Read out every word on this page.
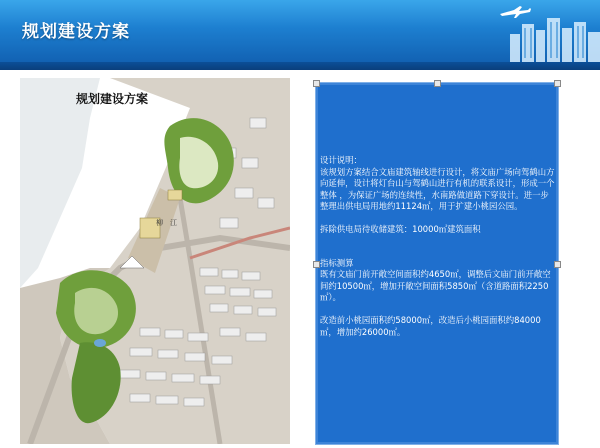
规划建设方案
规划建设方案
柳　江

设计说明：

该规划方案结合文庙建筑轴线进行设计，将文庙广场向驾鹤山方向延伸，设计将灯台山与驾鹤山进行有机的联系设计，形成一个整体 ，为保证广场的连续性，水南路做道路下穿设计。进一步整理出供电局用地约11124㎡，用于扩建小桃园公园。

拆除供电局待收储建筑：10000㎡建筑面积

指标测算

既有文庙门前开敞空间面积约4650㎡，调整后文庙门前开敞空间约10500㎡，增加开敞空间面积5850㎡（含道路面积2250㎡）。

改造前小桃园面积约58000㎡，改造后小桃园面积约84000㎡，增加约26000㎡。
